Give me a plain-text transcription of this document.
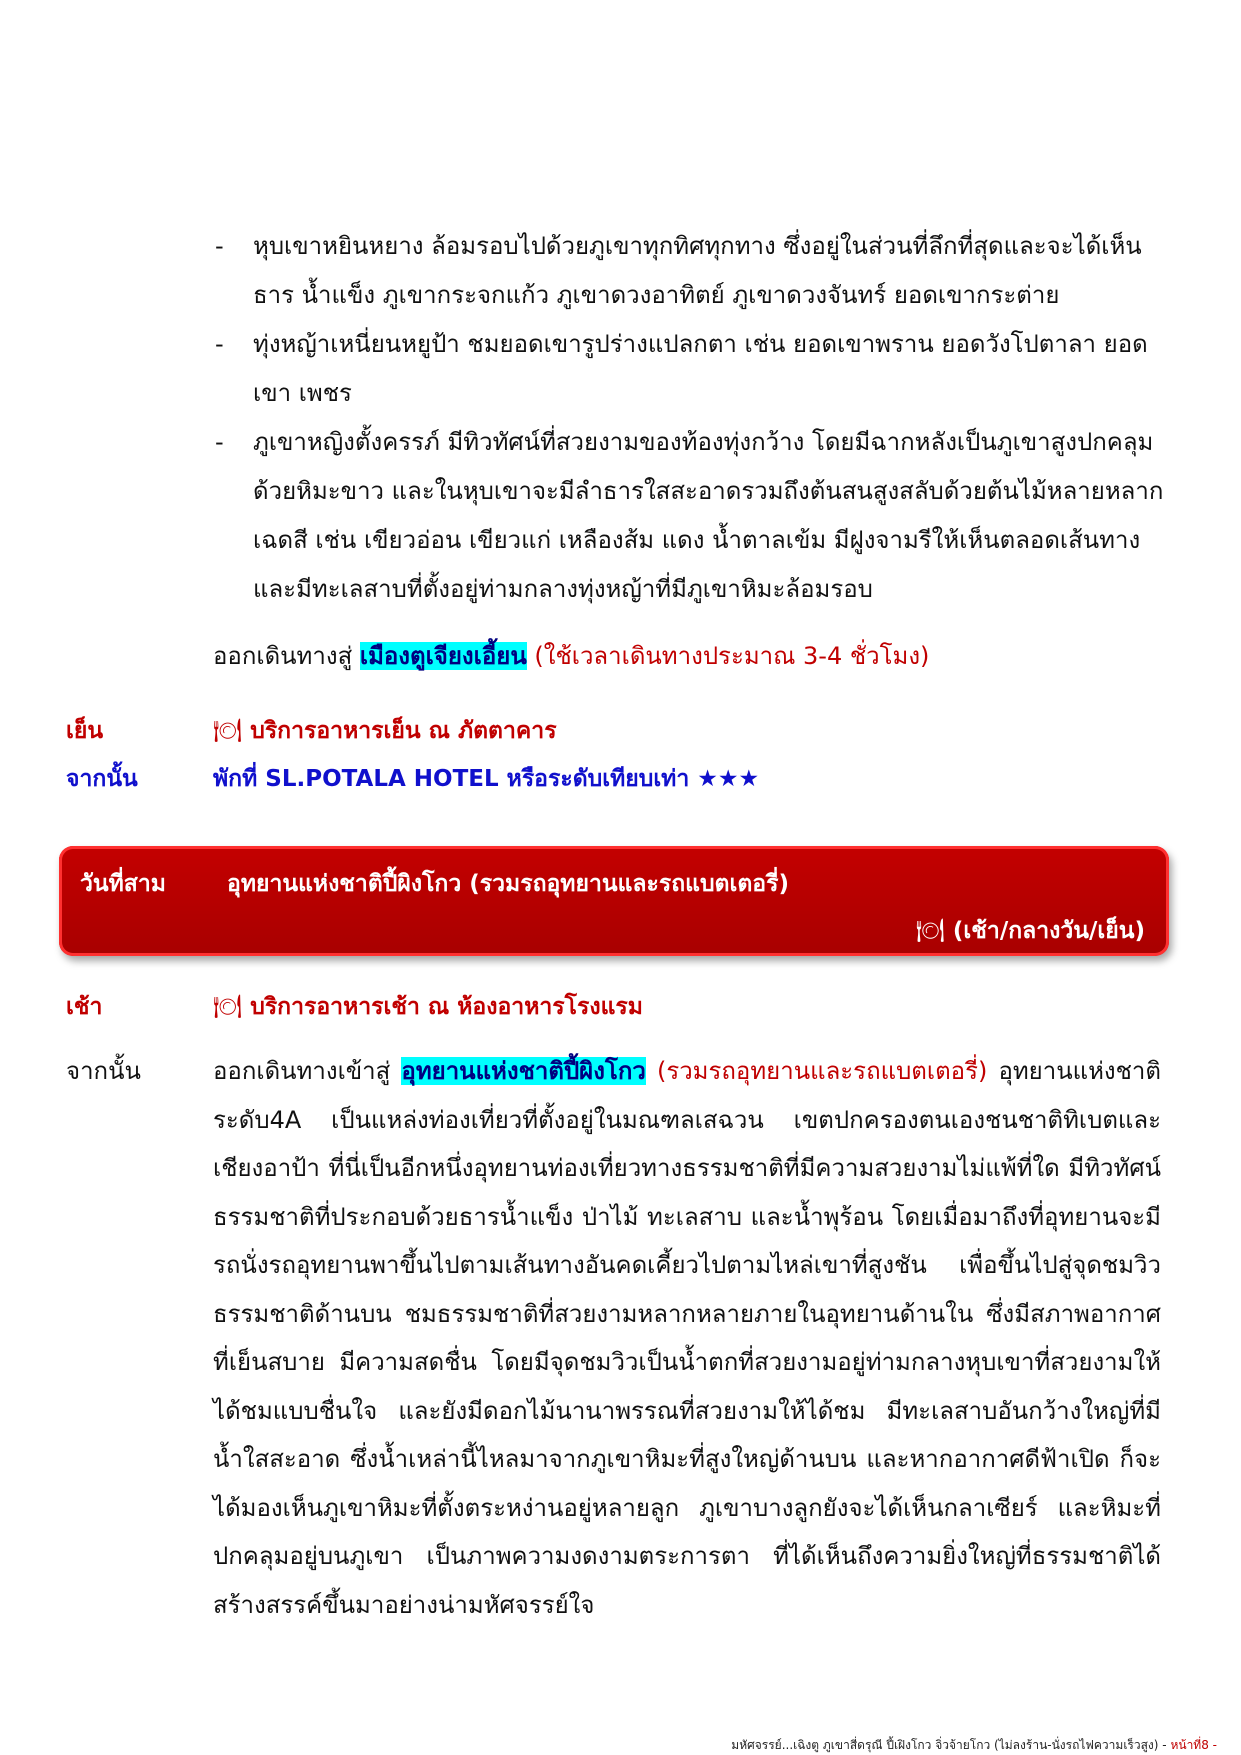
- หุบเขาหยินหยาง ล้อมรอบไปด้วยภูเขาทุกทิศทุกทาง ซึ่งอยู่ในส่วนที่ลึกที่สุดและจะได้เห็นธาร น้ำแข็ง ภูเขากระจกแก้ว ภูเขาดวงอาทิตย์ ภูเขาดวงจันทร์ ยอดเขากระต่าย
- ทุ่งหญ้าเหนี่ยนหยูป้า ชมยอดเขารูปร่างแปลกตา เช่น ยอดเขาพราน ยอดวังโปตาลา ยอดเขา เพชร
- ภูเขาหญิงตั้งครรภ์ มีทิวทัศน์ที่สวยงามของท้องทุ่งกว้าง โดยมีฉากหลังเป็นภูเขาสูงปกคลุมด้วยหิมะขาว และในหุบเขาจะมีลำธารใสสะอาดรวมถึงต้นสนสูงสลับด้วยต้นไม้หลายหลากเฉดสี เช่น เขียวอ่อน เขียวแก่ เหลืองส้ม แดง น้ำตาลเข้ม มีฝูงจามรีให้เห็นตลอดเส้นทาง และมีทะเลสาบที่ตั้งอยู่ท่ามกลางทุ่งหญ้าที่มีภูเขาหิมะล้อมรอบ
ออกเดินทางสู่ เมืองตูเจียงเอี้ยน (ใช้เวลาเดินทางประมาณ 3-4 ชั่วโมง)
เย็น	🍽 บริการอาหารเย็น ณ ภัตตาคาร
จากนั้น	พักที่ SL.POTALA HOTEL หรือระดับเทียบเท่า ★★★
วันที่สาม	อุทยานแห่งชาติปี้ผิงโกว (รวมรถอุทยานและรถแบตเตอรี่)
🍽 (เช้า/กลางวัน/เย็น)
เช้า	🍽 บริการอาหารเช้า ณ ห้องอาหารโรงแรม
จากนั้น	ออกเดินทางเข้าสู่ อุทยานแห่งชาติปี้ผิงโกว (รวมรถอุทยานและรถแบตเตอรี่) อุทยานแห่งชาติระดับ4A เป็นแหล่งท่องเที่ยวที่ตั้งอยู่ในมณฑลเสฉวน เขตปกครองตนเองชนชาติทิเบตและเชียงอาป้า ที่นี่เป็นอีกหนึ่งอุทยานท่องเที่ยวทางธรรมชาติที่มีความสวยงามไม่แพ้ที่ใด มีทิวทัศน์ธรรมชาติที่ประกอบด้วยธารน้ำแข็ง ป่าไม้ ทะเลสาบ และน้ำพุร้อน โดยเมื่อมาถึงที่อุทยานจะมีรถนั่งรถอุทยานพาขึ้นไปตามเส้นทางอันคดเคี้ยวไปตามไหล่เขาที่สูงชัน เพื่อขึ้นไปสู่จุดชมวิวธรรมชาติด้านบน ชมธรรมชาติที่สวยงามหลากหลายภายในอุทยานด้านใน ซึ่งมีสภาพอากาศที่เย็นสบาย มีความสดชื่น โดยมีจุดชมวิวเป็นน้ำตกที่สวยงามอยู่ท่ามกลางหุบเขาที่สวยงามให้ได้ชมแบบชื่นใจ และยังมีดอกไม้นานาพรรณที่สวยงามให้ได้ชม มีทะเลสาบอันกว้างใหญ่ที่มีน้ำใสสะอาด ซึ่งน้ำเหล่านี้ไหลมาจากภูเขาหิมะที่สูงใหญ่ด้านบน และหากอากาศดีฟ้าเปิด ก็จะได้มองเห็นภูเขาหิมะที่ตั้งตระหง่านอยู่หลายลูก ภูเขาบางลูกยังจะได้เห็นกลาเซียร์ และหิมะที่ปกคลุมอยู่บนภูเขา เป็นภาพความงดงามตระการตา ที่ได้เห็นถึงความยิ่งใหญ่ที่ธรรมชาติได้สร้างสรรค์ขึ้นมาอย่างน่ามหัศจรรย์ใจ

มหัศจรรย์...เฉิงตู ภูเขาสี่ดรุณี ปี้เฝิงโกว จิ่วจ้ายโกว (ไม่ลงร้าน-นั่งรถไฟความเร็วสูง) - หน้าที่8 -
